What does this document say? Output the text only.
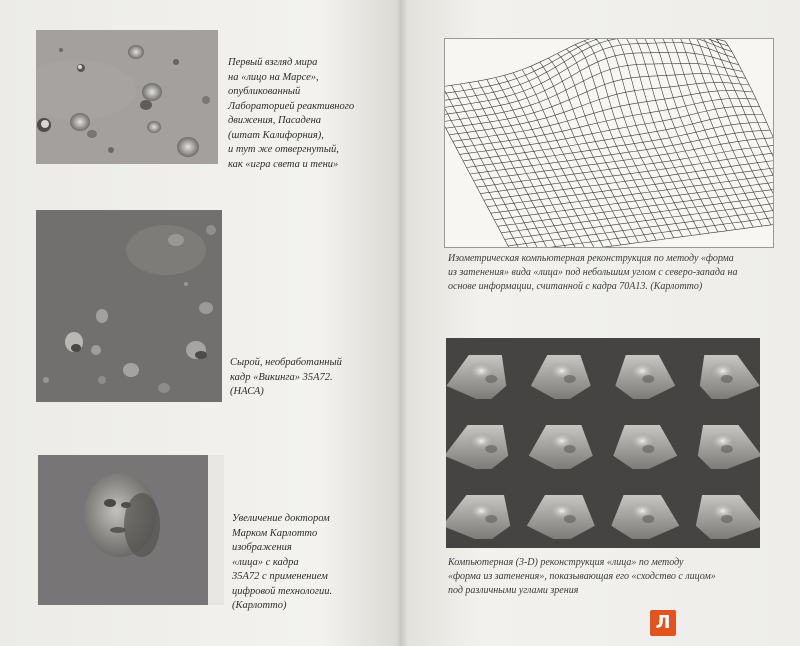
Первый взгляд мира
на «лицо на Марсе»,
опубликованный
Лабораторией реактивного
движения, Пасадена
(штат Калифорния),
и тут же отвергнутый,
как «игра света и тени»
Сырой, необработанный
кадр «Викинга» 35А72.
(НАСА)
Увеличение доктором
Марком Карлотто
изображения
«лица» с кадра
35А72 с применением
цифровой технологии.
(Карлотто)
Изометрическая компьютерная реконструкция по методу «форма
из затенения» вида «лица» под небольшим углом с северо-запада на
основе информации, считанной с кадра 70А13. (Карлотто)
Компьютерная (3-D) реконструкция «лица» по методу
«форма из затенения», показывающая его «сходство с лицом»
под различными углами зрения
Л
